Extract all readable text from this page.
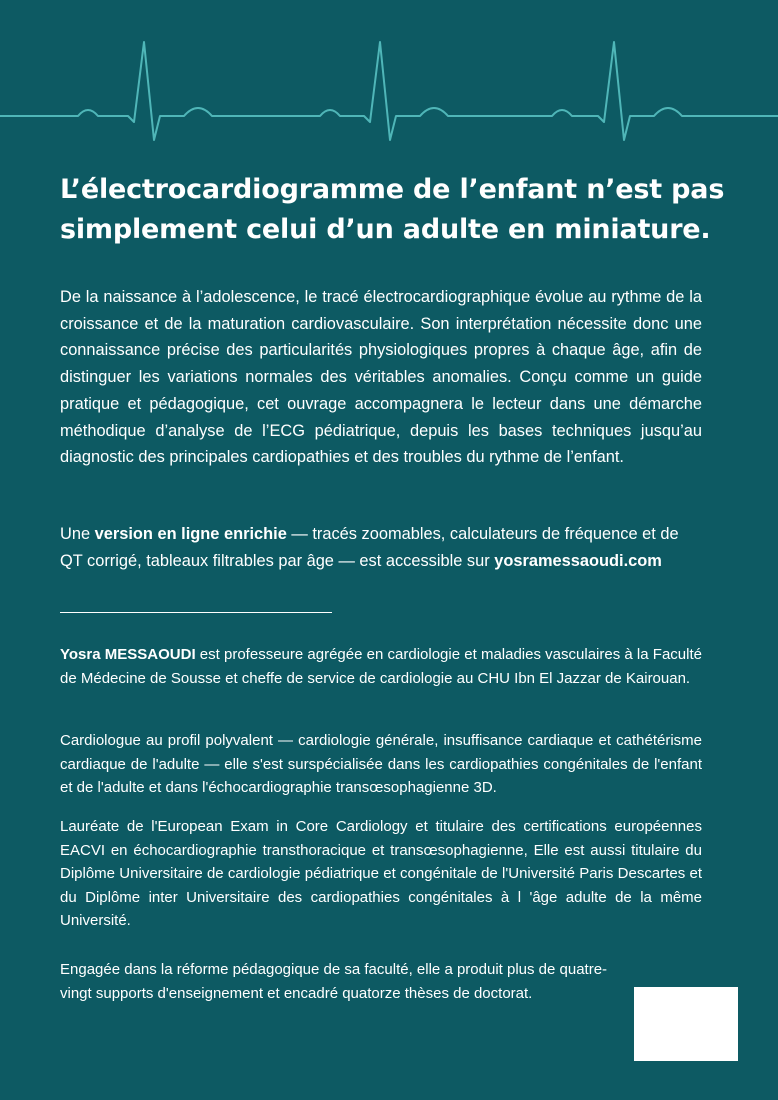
L’électrocardiogramme de l’enfant n’est pas simplement celui d’un adulte en miniature.

De la naissance à l’adolescence, le tracé électrocardiographique évolue au rythme de la croissance et de la maturation cardiovasculaire. Son interprétation nécessite donc une connaissance précise des particularités physiologiques propres à chaque âge, afin de distinguer les variations normales des véritables anomalies. Conçu comme un guide pratique et pédagogique, cet ouvrage accompagnera le lecteur dans une démarche méthodique d’analyse de l’ECG pédiatrique, depuis les bases techniques jusqu’au diagnostic des principales cardiopathies et des troubles du rythme de l’enfant.

Une version en ligne enrichie — tracés zoomables, calculateurs de fréquence et de QT corrigé, tableaux filtrables par âge — est accessible sur yosramessaoudi.com

Yosra MESSAOUDI est professeure agrégée en cardiologie et maladies vasculaires à la Faculté de Médecine de Sousse et cheffe de service de cardiologie au CHU Ibn El Jazzar de Kairouan.

Cardiologue au profil polyvalent — cardiologie générale, insuffisance cardiaque et cathétérisme cardiaque de l'adulte — elle s'est surspécialisée dans les cardiopathies congénitales de l'enfant et de l'adulte et dans l'échocardiographie transœsophagienne 3D.

Lauréate de l'European Exam in Core Cardiology et titulaire des certifications européennes EACVI en échocardiographie transthoracique et transœsophagienne, Elle est aussi titulaire du Diplôme Universitaire de cardiologie pédiatrique et congénitale de l'Université Paris Descartes et du Diplôme inter Universitaire des cardiopathies congénitales à l 'âge adulte de la même Université.

Engagée dans la réforme pédagogique de sa faculté, elle a produit plus de quatre-vingt supports d'enseignement et encadré quatorze thèses de doctorat.
